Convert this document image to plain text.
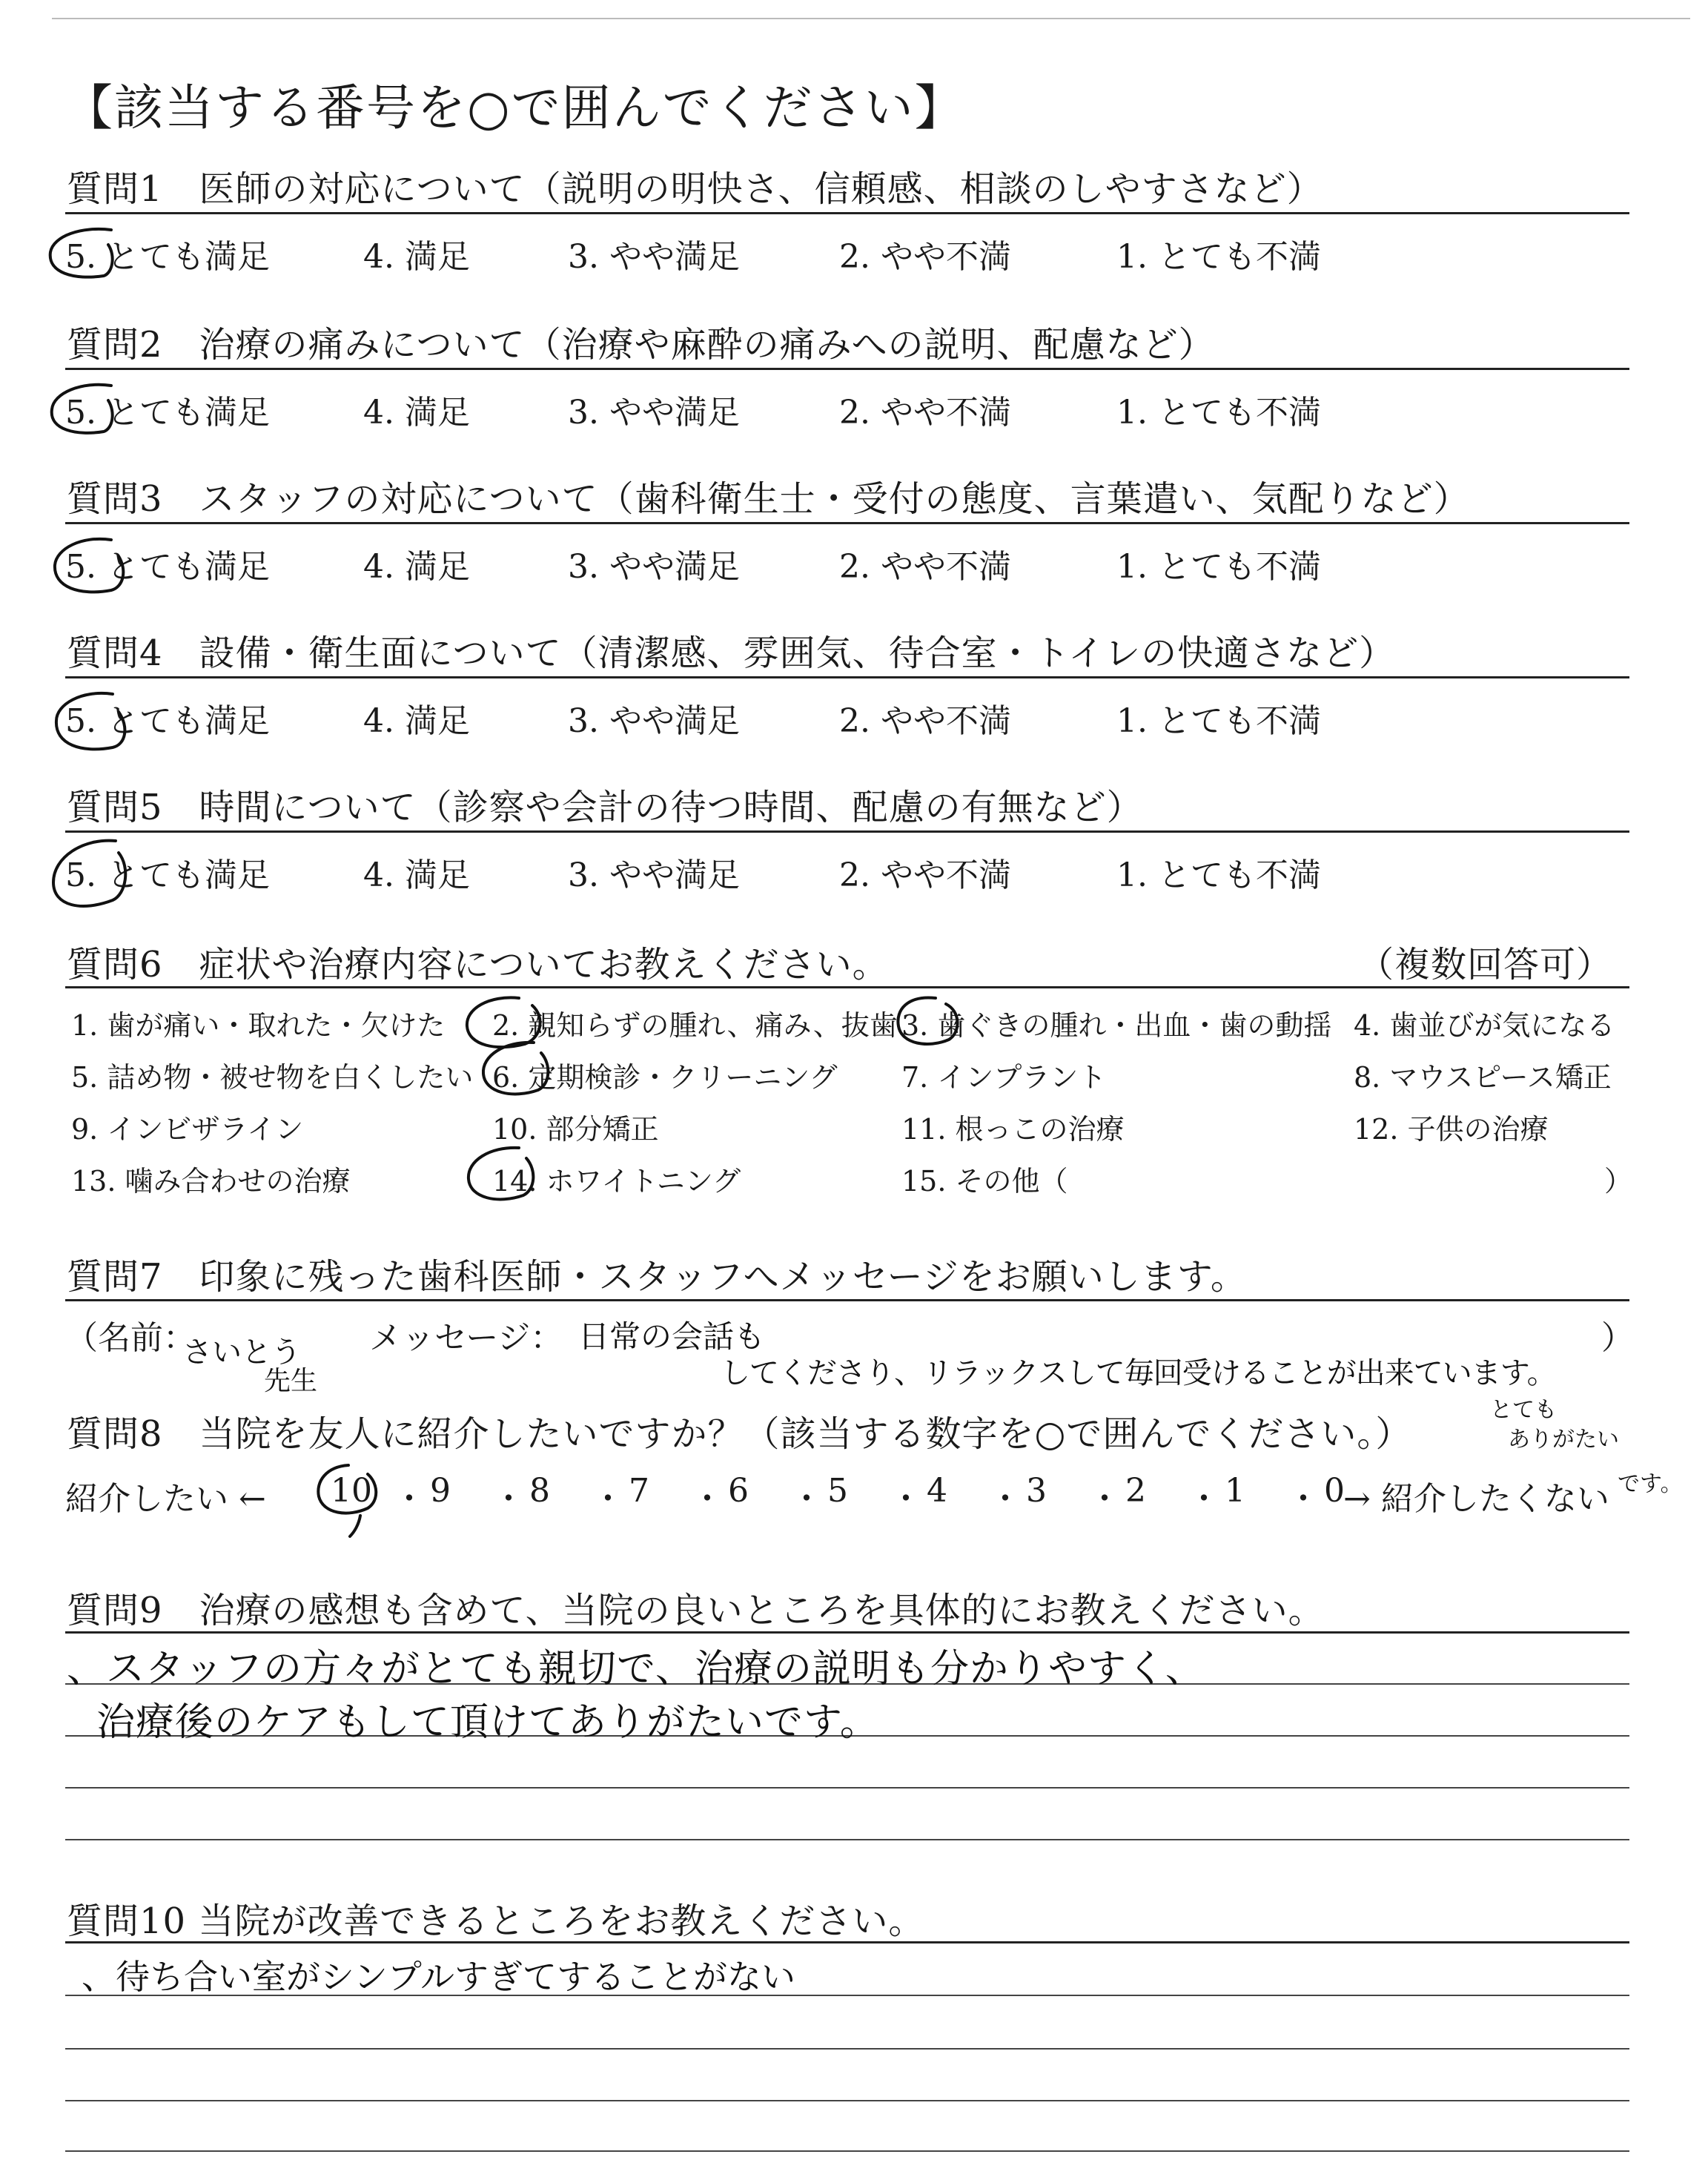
【該当する番号を○で囲んでください】
質問1　医師の対応について（説明の明快さ、信頼感、相談のしやすさなど）
5. とても満足	4. 満足	3. やや満足	2. やや不満	1. とても不満
質問2　治療の痛みについて（治療や麻酔の痛みへの説明、配慮など）
5. とても満足	4. 満足	3. やや満足	2. やや不満	1. とても不満
質問3　スタッフの対応について（歯科衛生士・受付の態度、言葉遣い、気配りなど）
5. とても満足	4. 満足	3. やや満足	2. やや不満	1. とても不満
質問4　設備・衛生面について（清潔感、雰囲気、待合室・トイレの快適さなど）
5. とても満足	4. 満足	3. やや満足	2. やや不満	1. とても不満
質問5　時間について（診察や会計の待つ時間、配慮の有無など）
5. とても満足	4. 満足	3. やや満足	2. やや不満	1. とても不満
質問6　症状や治療内容についてお教えください。	（複数回答可）
1. 歯が痛い・取れた・欠けた 2. 親知らずの腫れ、痛み、抜歯 3. 歯ぐきの腫れ・出血・歯の動揺 4. 歯並びが気になる
5. 詰め物・被せ物を白くしたい 6. 定期検診・クリーニング 7. インプラント	8. マウスピース矯正
9. インビザライン	10. 部分矯正	11. 根っこの治療	12. 子供の治療
13. 噛み合わせの治療	14. ホワイトニング	15. その他（	）
質問7　印象に残った歯科医師・スタッフへメッセージをお願いします。
（名前：	メッセージ：	）
さいとう
先生
日常の会話も
してくださり、リラックスして毎回受けることが出来ています。
質問8　当院を友人に紹介したいですか？（該当する数字を○で囲んでください。）
とても
ありがたい
です。
紹介したい ← 10 ・ 9 ・ 8 ・ 7 ・ 6 ・ 5 ・ 4 ・ 3 ・ 2 ・ 1 ・ 0
→ 紹介したくない
質問9　治療の感想も含めて、当院の良いところを具体的にお教えください。
、スタッフの方々がとても親切で、治療の説明も分かりやすく、
治療後のケアもして頂けてありがたいです。
質問10 当院が改善できるところをお教えください。
、待ち合い室がシンプルすぎてすることがない
